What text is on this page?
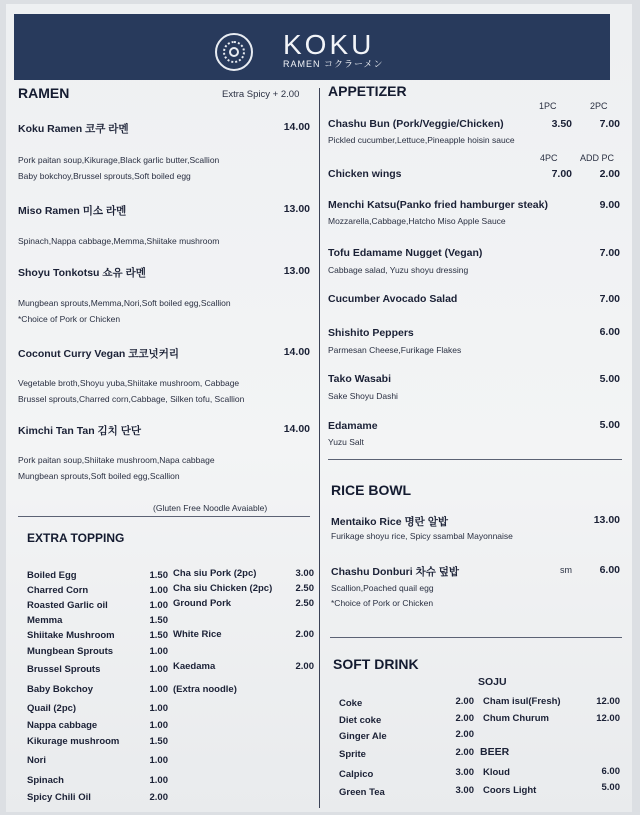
KOKU
RAMEN コクラーメン
RAMEN	Extra Spicy + 2.00
Koku Ramen 코쿠 라멘	14.00
Pork paitan soup,Kikurage,Black garlic butter,Scallion
Baby bokchoy,Brussel sprouts,Soft boiled egg
Miso Ramen 미소 라멘	13.00
Spinach,Nappa cabbage,Memma,Shiitake mushroom
Shoyu Tonkotsu 쇼유 라멘	13.00
Mungbean sprouts,Memma,Nori,Soft boiled egg,Scallion
*Choice of Pork or Chicken
Coconut Curry Vegan 코코넛커리	14.00
Vegetable broth,Shoyu yuba,Shiitake mushroom, Cabbage
Brussel sprouts,Charred corn,Cabbage, Silken tofu, Scallion
Kimchi Tan Tan 김치 단단	14.00
Pork paitan soup,Shiitake mushroom,Napa cabbage
Mungbean sprouts,Soft boiled egg,Scallion
(Gluten Free Noodle Avaiable)
EXTRA TOPPING
Boiled Egg	1.50
Charred Corn	1.00
Roasted Garlic oil	1.00
Memma	1.50
Shiitake Mushroom	1.50
Mungbean Sprouts	1.00
Brussel Sprouts	1.00
Baby Bokchoy	1.00
Quail (2pc)	1.00
Nappa cabbage	1.00
Kikurage mushroom	1.50
Nori	1.00
Spinach	1.00
Spicy Chili Oil	2.00
Cha siu Pork (2pc)	3.00
Cha siu Chicken (2pc)	2.50
Ground Pork	2.50
White Rice	2.00
Kaedama	2.00
(Extra noodle)
APPETIZER
1PC	2PC
Chashu Bun (Pork/Veggie/Chicken)	3.50	7.00
Pickled cucumber,Lettuce,Pineapple hoisin sauce
4PC ADD PC
Chicken wings	7.00	2.00
Menchi Katsu(Panko fried hamburger steak)	9.00
Mozzarella,Cabbage,Hatcho Miso Apple Sauce
Tofu Edamame Nugget (Vegan)	7.00
Cabbage salad, Yuzu shoyu dressing
Cucumber Avocado Salad	7.00
Shishito Peppers	6.00
Parmesan Cheese,Furikage Flakes
Tako Wasabi	5.00
Sake Shoyu Dashi
Edamame	5.00
Yuzu Salt
RICE BOWL
Mentaiko Rice 명란 알밥	13.00
Furikage shoyu rice, Spicy ssambal Mayonnaise
Chashu Donburi 차슈 덮밥	sm	6.00
Scallion,Poached quail egg
*Choice of Pork or Chicken
SOFT DRINK
SOJU
Coke	2.00
Diet coke	2.00
Ginger Ale	2.00
Sprite	2.00
Calpico	3.00
Green Tea	3.00
Cham isul(Fresh)	12.00
Chum Churum	12.00
BEER
Kloud	6.00
Coors Light	5.00
